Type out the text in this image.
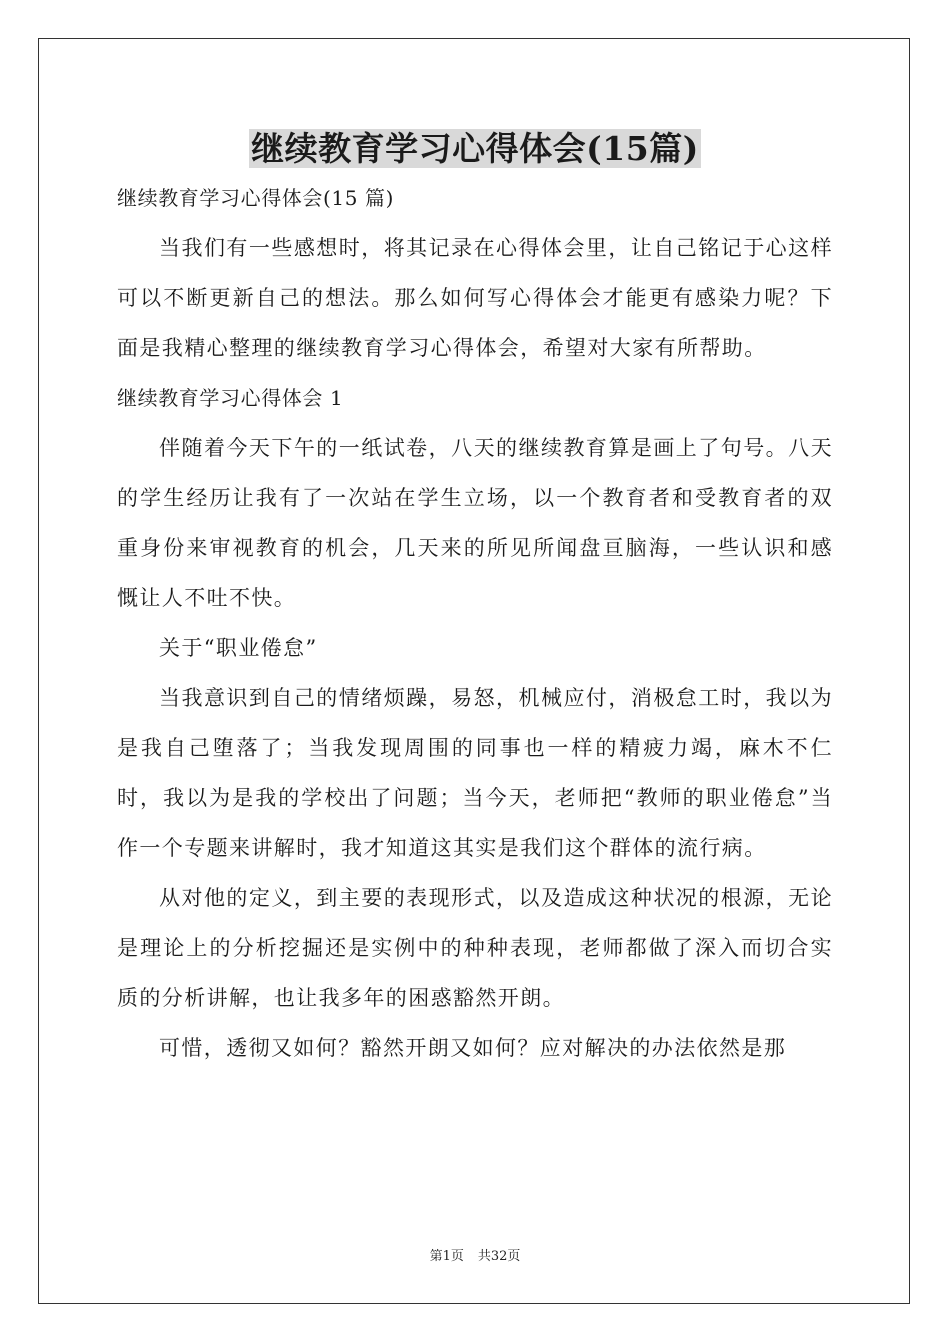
继续教育学习心得体会(15篇)

继续教育学习心得体会(15 篇)

当我们有一些感想时，将其记录在心得体会里，让自己铭记于心这样可以不断更新自己的想法。那么如何写心得体会才能更有感染力呢？下面是我精心整理的继续教育学习心得体会，希望对大家有所帮助。

继续教育学习心得体会 1

伴随着今天下午的一纸试卷，八天的继续教育算是画上了句号。八天的学生经历让我有了一次站在学生立场，以一个教育者和受教育者的双重身份来审视教育的机会，几天来的所见所闻盘亘脑海，一些认识和感慨让人不吐不快。

关于“职业倦怠”

当我意识到自己的情绪烦躁，易怒，机械应付，消极怠工时，我以为是我自己堕落了；当我发现周围的同事也一样的精疲力竭，麻木不仁时，我以为是我的学校出了问题；当今天，老师把“教师的职业倦怠”当作一个专题来讲解时，我才知道这其实是我们这个群体的流行病。

从对他的定义，到主要的表现形式，以及造成这种状况的根源，无论是理论上的分析挖掘还是实例中的种种表现，老师都做了深入而切合实质的分析讲解，也让我多年的困惑豁然开朗。

可惜，透彻又如何？豁然开朗又如何？应对解决的办法依然是那

第1页 共32页
